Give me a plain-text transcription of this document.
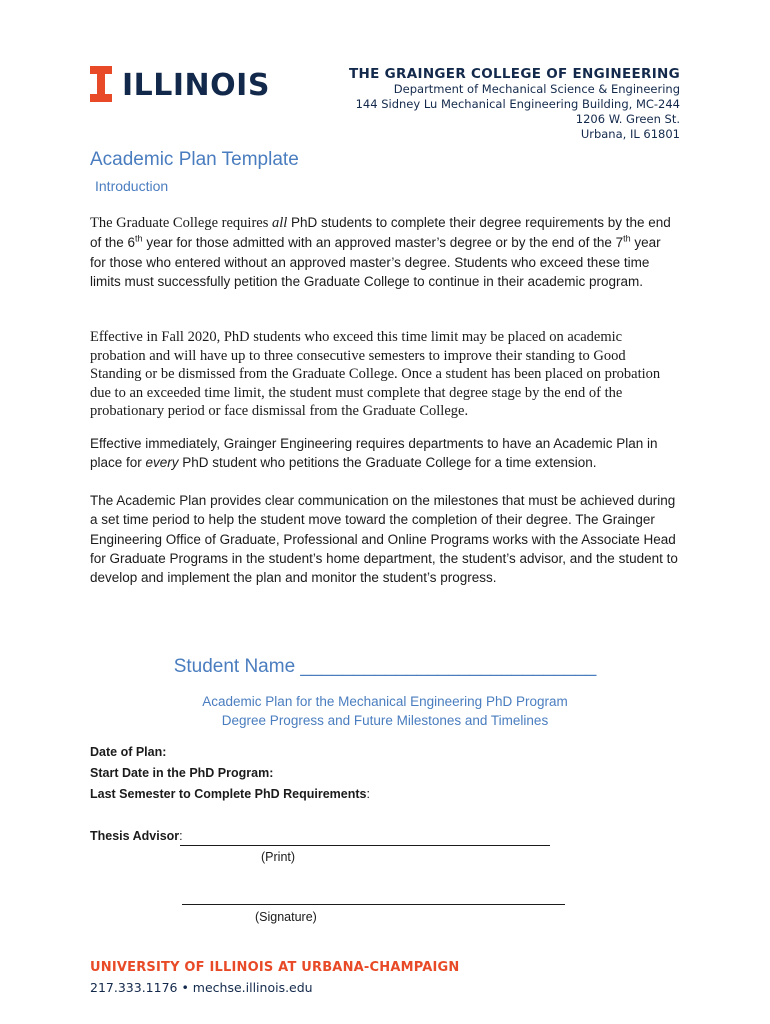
ILLINOIS	THE GRAINGER COLLEGE OF ENGINEERING
Department of Mechanical Science & Engineering
144 Sidney Lu Mechanical Engineering Building, MC-244
1206 W. Green St.
Urbana, IL 61801
Academic Plan Template
Introduction
The Graduate College requires all PhD students to complete their degree requirements by the end of the 6th year for those admitted with an approved master’s degree or by the end of the 7th year for those who entered without an approved master’s degree. Students who exceed these time limits must successfully petition the Graduate College to continue in their academic program.
Effective in Fall 2020, PhD students who exceed this time limit may be placed on academic probation and will have up to three consecutive semesters to improve their standing to Good Standing or be dismissed from the Graduate College. Once a student has been placed on probation due to an exceeded time limit, the student must complete that degree stage by the end of the probationary period or face dismissal from the Graduate College.
Effective immediately, Grainger Engineering requires departments to have an Academic Plan in place for every PhD student who petitions the Graduate College for a time extension.
The Academic Plan provides clear communication on the milestones that must be achieved during a set time period to help the student move toward the completion of their degree. The Grainger
Engineering Office of Graduate, Professional and Online Programs works with the Associate Head for Graduate Programs in the student’s home department, the student’s advisor, and the student to develop and implement the plan and monitor the student’s progress.
Student Name ____________________________
Academic Plan for the Mechanical Engineering PhD Program
Degree Progress and Future Milestones and Timelines
Date of Plan:
Start Date in the PhD Program:
Last Semester to Complete PhD Requirements:
Thesis Advisor:
(Print)
(Signature)
UNIVERSITY OF ILLINOIS AT URBANA-CHAMPAIGN
217.333.1176 • mechse.illinois.edu
